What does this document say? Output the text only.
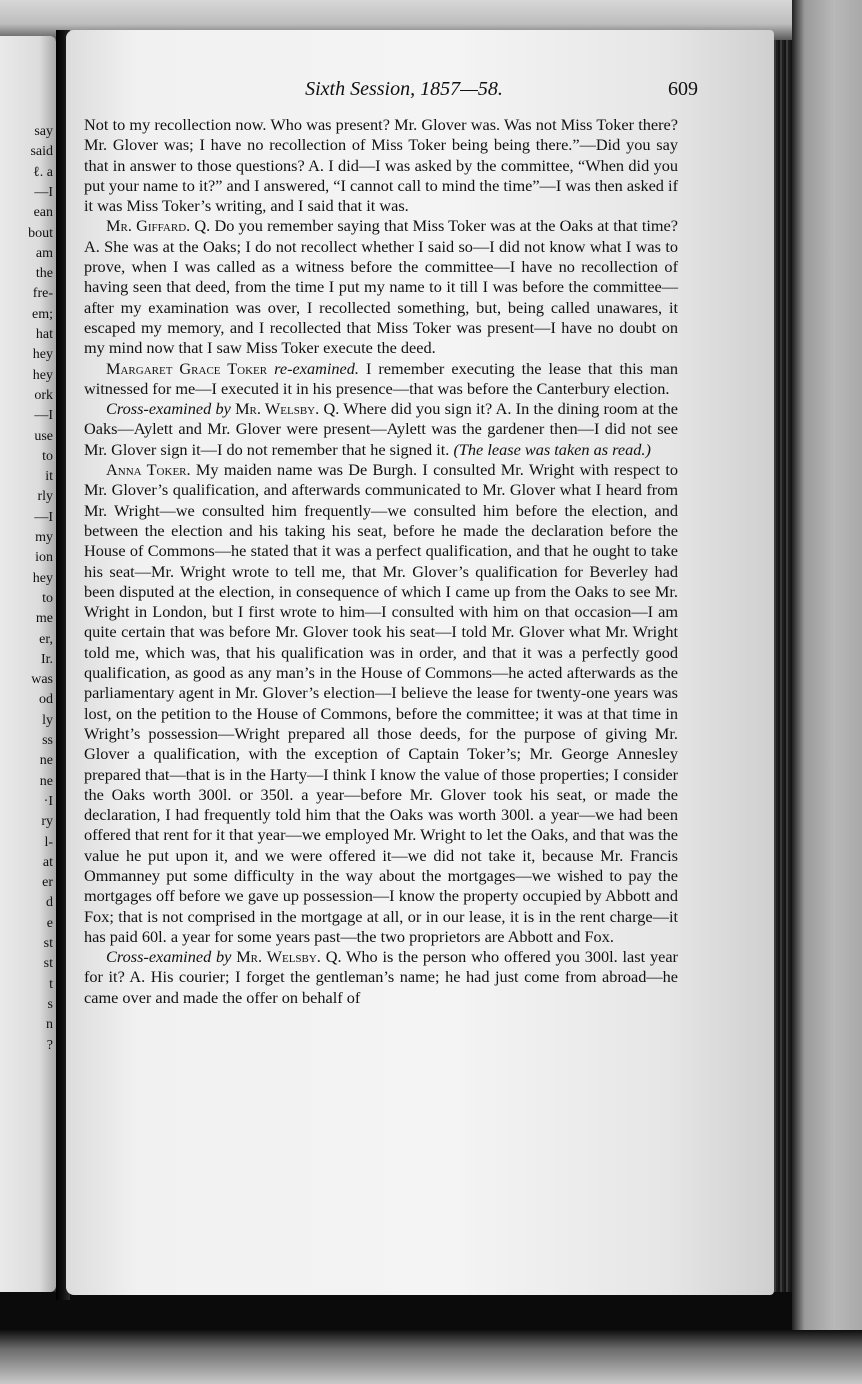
say
said
ℓ. a
—I
ean
bout
am
the
fre-
em;
hat
hey
hey
ork
—I
use
to
it
rly
—I
my
ion
hey
to
me
er,
Ir.
was
od
ly
ss
ne
ne
·I
ry
l-
at
er
d
e
st
st
t
s
n
?
Sixth Session, 1857—58.	609

Not to my recollection now. Who was present? Mr. Glover was. Was not Miss Toker there? Mr. Glover was; I have no recollection of Miss Toker being being there.”—Did you say that in answer to those questions? A. I did—I was asked by the committee, “When did you put your name to it?” and I answered, “I cannot call to mind the time”—I was then asked if it was Miss Toker’s writing, and I said that it was.

Mr. Giffard. Q. Do you remember saying that Miss Toker was at the Oaks at that time? A. She was at the Oaks; I do not recollect whether I said so—I did not know what I was to prove, when I was called as a witness before the committee—I have no recollection of having seen that deed, from the time I put my name to it till I was before the committee—after my examination was over, I recollected something, but, being called unawares, it escaped my memory, and I recollected that Miss Toker was present—I have no doubt on my mind now that I saw Miss Toker execute the deed.

Margaret Grace Toker re-examined. I remember executing the lease that this man witnessed for me—I executed it in his presence—that was before the Canterbury election.

Cross-examined by Mr. Welsby. Q. Where did you sign it? A. In the dining room at the Oaks—Aylett and Mr. Glover were present—Aylett was the gardener then—I did not see Mr. Glover sign it—I do not remember that he signed it. (The lease was taken as read.)

Anna Toker. My maiden name was De Burgh. I consulted Mr. Wright with respect to Mr. Glover’s qualification, and afterwards communicated to Mr. Glover what I heard from Mr. Wright—we consulted him frequently—we consulted him before the election, and between the election and his taking his seat, before he made the declaration before the House of Commons—he stated that it was a perfect qualification, and that he ought to take his seat—Mr. Wright wrote to tell me, that Mr. Glover’s qualification for Beverley had been disputed at the election, in consequence of which I came up from the Oaks to see Mr. Wright in London, but I first wrote to him—I consulted with him on that occasion—I am quite certain that was before Mr. Glover took his seat—I told Mr. Glover what Mr. Wright told me, which was, that his qualification was in order, and that it was a perfectly good qualification, as good as any man’s in the House of Commons—he acted afterwards as the parliamentary agent in Mr. Glover’s election—I believe the lease for twenty-one years was lost, on the petition to the House of Commons, before the committee; it was at that time in Wright’s possession—Wright prepared all those deeds, for the purpose of giving Mr. Glover a qualification, with the exception of Captain Toker’s; Mr. George Annesley prepared that—that is in the Harty—I think I know the value of those properties; I consider the Oaks worth 300l. or 350l. a year—before Mr. Glover took his seat, or made the declaration, I had frequently told him that the Oaks was worth 300l. a year—we had been offered that rent for it that year—we employed Mr. Wright to let the Oaks, and that was the value he put upon it, and we were offered it—we did not take it, because Mr. Francis Ommanney put some difficulty in the way about the mortgages—we wished to pay the mortgages off before we gave up possession—I know the property occupied by Abbott and Fox; that is not comprised in the mortgage at all, or in our lease, it is in the rent charge—it has paid 60l. a year for some years past—the two proprietors are Abbott and Fox.

Cross-examined by Mr. Welsby. Q. Who is the person who offered you 300l. last year for it? A. His courier; I forget the gentleman’s name; he had just come from abroad—he came over and made the offer on behalf of
